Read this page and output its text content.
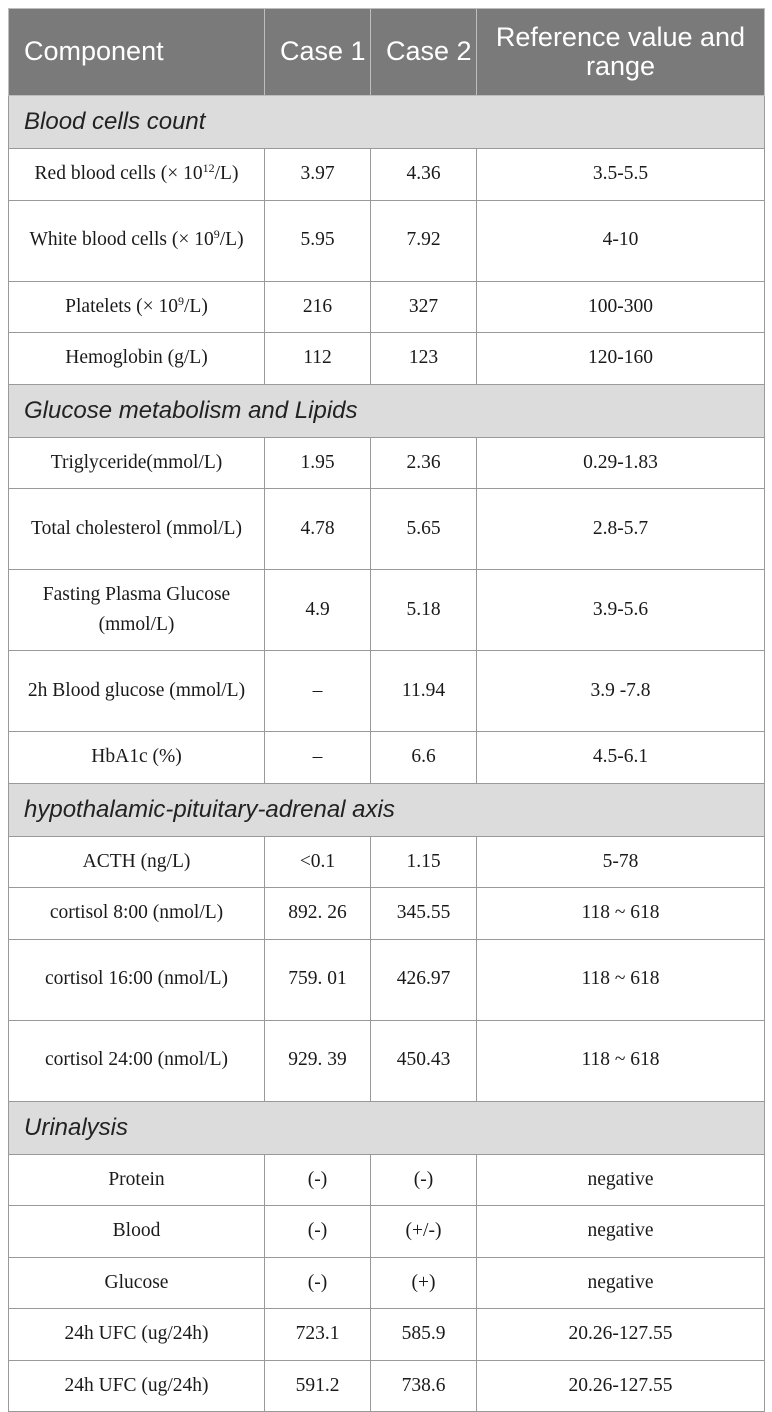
Component	Case 1	Case 2	Reference value and range
Blood cells count			
Red blood cells (× $10^{12}/L$)	3.97	4.36	3.5-5.5
White blood cells (× $10^9/L$)	5.95	7.92	4-10
Platelets (× $10^9/L$)	216	327	100-300
Hemoglobin (g/L)	112	123	120-160
Glucose metabolism and Lipids			
Triglyceride(mmol/L)	1.95	2.36	0.29-1.83
Total cholesterol (mmol/L)	4.78	5.65	2.8-5.7
Fasting Plasma Glucose (mmol/L)	4.9	5.18	3.9-5.6
2h Blood glucose (mmol/L)	–	11.94	3.9 -7.8
HbA1c (%)	–	6.6	4.5-6.1
hypothalamic-pituitary-adrenal axis			
ACTH (ng/L)	<0.1	1.15	5-78
cortisol 8:00 (nmol/L)	892. 26	345.55	118 ~ 618
cortisol 16:00 (nmol/L)	759. 01	426.97	118 ~ 618
cortisol 24:00 (nmol/L)	929. 39	450.43	118 ~ 618
Urinalysis			
Protein	(-)	(-)	negative
Blood	(-)	(+/-)	negative
Glucose	(-)	(+)	negative
24h UFC (ug/24h)	723.1	585.9	20.26-127.55
24h UFC (ug/24h)	591.2	738.6	20.26-127.55
